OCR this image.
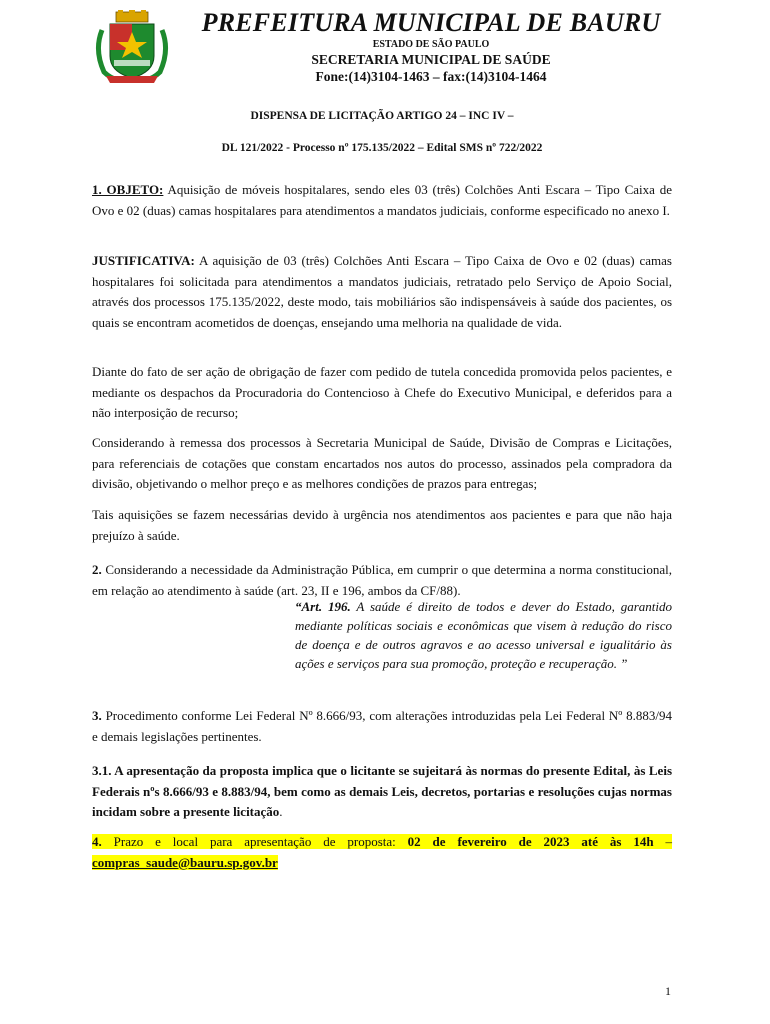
PREFEITURA MUNICIPAL DE BAURU
ESTADO DE SÃO PAULO
SECRETARIA MUNICIPAL DE SAÚDE
Fone:(14)3104-1463 – fax:(14)3104-1464
DISPENSA DE LICITAÇÃO ARTIGO 24 – INC IV –
DL 121/2022 - Processo nº 175.135/2022 – Edital SMS nº 722/2022

1. OBJETO: Aquisição de móveis hospitalares, sendo eles 03 (três) Colchões Anti Escara – Tipo Caixa de Ovo e 02 (duas) camas hospitalares para atendimentos a mandatos judiciais, conforme especificado no anexo I.

JUSTIFICATIVA: A aquisição de 03 (três) Colchões Anti Escara – Tipo Caixa de Ovo e 02 (duas) camas hospitalares foi solicitada para atendimentos a mandatos judiciais, retratado pelo Serviço de Apoio Social, através dos processos 175.135/2022, deste modo, tais mobiliários são indispensáveis à saúde dos pacientes, os quais se encontram acometidos de doenças, ensejando uma melhoria na qualidade de vida.

Diante do fato de ser ação de obrigação de fazer com pedido de tutela concedida promovida pelos pacientes, e mediante os despachos da Procuradoria do Contencioso à Chefe do Executivo Municipal, e deferidos para a não interposição de recurso;

Considerando à remessa dos processos à Secretaria Municipal de Saúde, Divisão de Compras e Licitações, para referenciais de cotações que constam encartados nos autos do processo, assinados pela compradora da divisão, objetivando o melhor preço e as melhores condições de prazos para entregas;

Tais aquisições se fazem necessárias devido à urgência nos atendimentos aos pacientes e para que não haja prejuízo à saúde.

2. Considerando a necessidade da Administração Pública, em cumprir o que determina a norma constitucional, em relação ao atendimento à saúde (art. 23, II e 196, ambos da CF/88).

“Art. 196. A saúde é direito de todos e dever do Estado, garantido mediante políticas sociais e econômicas que visem à redução do risco de doença e de outros agravos e ao acesso universal e igualitário às ações e serviços para sua promoção, proteção e recuperação. ”

3. Procedimento conforme Lei Federal Nº 8.666/93, com alterações introduzidas pela Lei Federal Nº 8.883/94 e demais legislações pertinentes.

3.1. A apresentação da proposta implica que o licitante se sujeitará às normas do presente Edital, às Leis Federais nºs 8.666/93 e 8.883/94, bem como as demais Leis, decretos, portarias e resoluções cujas normas incidam sobre a presente licitação.

4. Prazo e local para apresentação de proposta: 02 de fevereiro de 2023 até às 14h – compras_saude@bauru.sp.gov.br

1
